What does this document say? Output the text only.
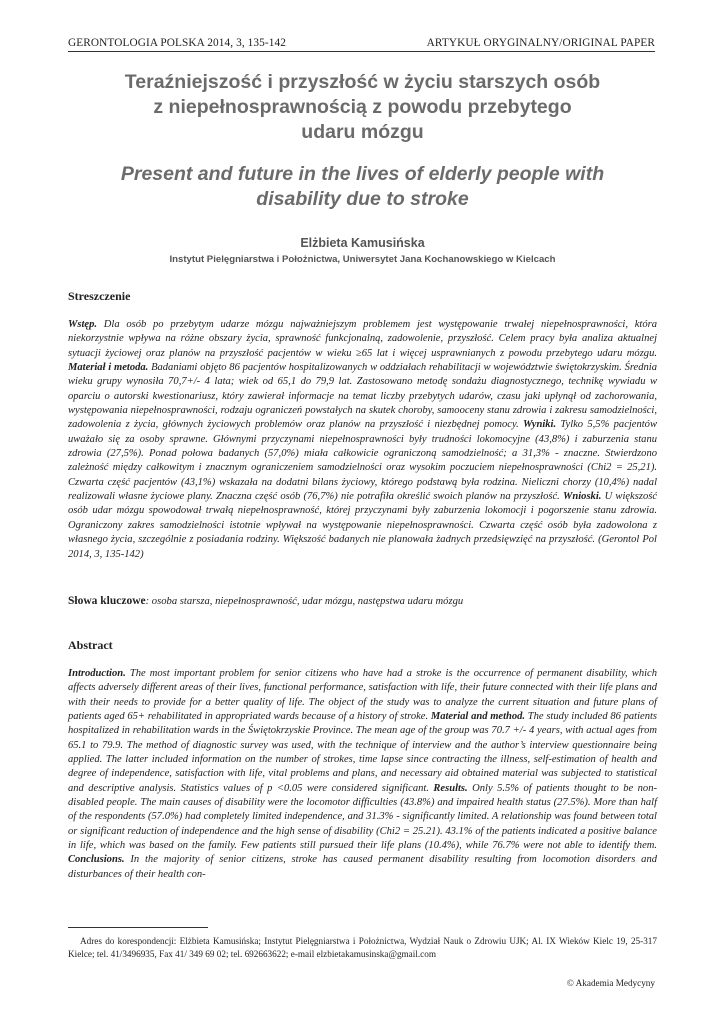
GERONTOLOGIA POLSKA 2014, 3, 135-142	ARTYKUŁ ORYGINALNY/ORIGINAL PAPER
Teraźniejszość i przyszłość w życiu starszych osób
z niepełnosprawnością z powodu przebytego
udaru mózgu
Present and future in the lives of elderly people with
disability due to stroke
Elżbieta Kamusińska
Instytut Pielęgniarstwa i Położnictwa, Uniwersytet Jana Kochanowskiego w Kielcach
Streszczenie
Wstęp. Dla osób po przebytym udarze mózgu najważniejszym problemem jest występowanie trwałej niepełnosprawności, która niekorzystnie wpływa na różne obszary życia, sprawność funkcjonalną, zadowolenie, przyszłość. Celem pracy była analiza aktualnej sytuacji życiowej oraz planów na przyszłość pacjentów w wieku ≥65 lat i więcej usprawnianych z powodu przebytego udaru mózgu. Materiał i metoda. Badaniami objęto 86 pacjentów hospitalizowanych w oddziałach rehabilitacji w województwie świętokrzyskim. Średnia wieku grupy wynosiła 70,7+/- 4 lata; wiek od 65,1 do 79,9 lat. Zastosowano metodę sondażu diagnostycznego, technikę wywiadu w oparciu o autorski kwestionariusz, który zawierał informacje na temat liczby przebytych udarów, czasu jaki upłynął od zachorowania, występowania niepełnosprawności, rodzaju ograniczeń powstałych na skutek choroby, samooceny stanu zdrowia i zakresu samodzielności, zadowolenia z życia, głównych życiowych problemów oraz planów na przyszłość i niezbędnej pomocy. Wyniki. Tylko 5,5% pacjentów uważało się za osoby sprawne. Głównymi przyczynami niepełnosprawności były trudności lokomocyjne (43,8%) i zaburzenia stanu zdrowia (27,5%). Ponad połowa badanych (57,0%) miała całkowicie ograniczoną samodzielność; a 31,3% - znaczne. Stwierdzono zależność między całkowitym i znacznym ograniczeniem samodzielności oraz wysokim poczuciem niepełnosprawności (Chi2 = 25,21). Czwarta część pacjentów (43,1%) wskazała na dodatni bilans życiowy, którego podstawą była rodzina. Nieliczni chorzy (10,4%) nadal realizowali własne życiowe plany. Znaczna część osób (76,7%) nie potrafiła określić swoich planów na przyszłość. Wnioski. U większość osób udar mózgu spowodował trwałą niepełnosprawność, której przyczynami były zaburzenia lokomocji i pogorszenie stanu zdrowia. Ograniczony zakres samodzielności istotnie wpływał na występowanie niepełnosprawności. Czwarta część osób była zadowolona z własnego życia, szczególnie z posiadania rodziny. Większość badanych nie planowała żadnych przedsięwzięć na przyszłość. (Gerontol Pol 2014, 3, 135-142)
Słowa kluczowe: osoba starsza, niepełnosprawność, udar mózgu, następstwa udaru mózgu
Abstract
Introduction. The most important problem for senior citizens who have had a stroke is the occurrence of permanent disability, which affects adversely different areas of their lives, functional performance, satisfaction with life, their future connected with their life plans and with their needs to provide for a better quality of life. The object of the study was to analyze the current situation and future plans of patients aged 65+ rehabilitated in appropriated wards because of a history of stroke. Material and method. The study included 86 patients hospitalized in rehabilitation wards in the Świętokrzyskie Province. The mean age of the group was 70.7 +/- 4 years, with actual ages from 65.1 to 79.9. The method of diagnostic survey was used, with the technique of interview and the author’s interview questionnaire being applied. The latter included information on the number of strokes, time lapse since contracting the illness, self-estimation of health and degree of independence, satisfaction with life, vital problems and plans, and necessary aid obtained material was subjected to statistical and descriptive analysis. Statistics values of p <0.05 were considered significant. Results. Only 5.5% of patients thought to be non-disabled people. The main causes of disability were the locomotor difficulties (43.8%) and impaired health status (27.5%). More than half of the respondents (57.0%) had completely limited independence, and 31.3% - significantly limited. A relationship was found between total or significant reduction of independence and the high sense of disability (Chi2 = 25.21). 43.1% of the patients indicated a positive balance in life, which was based on the family. Few patients still pursued their life plans (10.4%), while 76.7% were not able to identify them. Conclusions. In the majority of senior citizens, stroke has caused permanent disability resulting from locomotion disorders and disturbances of their health con-
Adres do korespondencji: Elżbieta Kamusińska; Instytut Pielęgniarstwa i Położnictwa, Wydział Nauk o Zdrowiu UJK; Al. IX Wieków Kielc 19, 25-317 Kielce; tel. 41/3496935, Fax 41/ 349 69 02; tel. 692663622; e-mail elzbietakamusinska@gmail.com
© Akademia Medycyny
